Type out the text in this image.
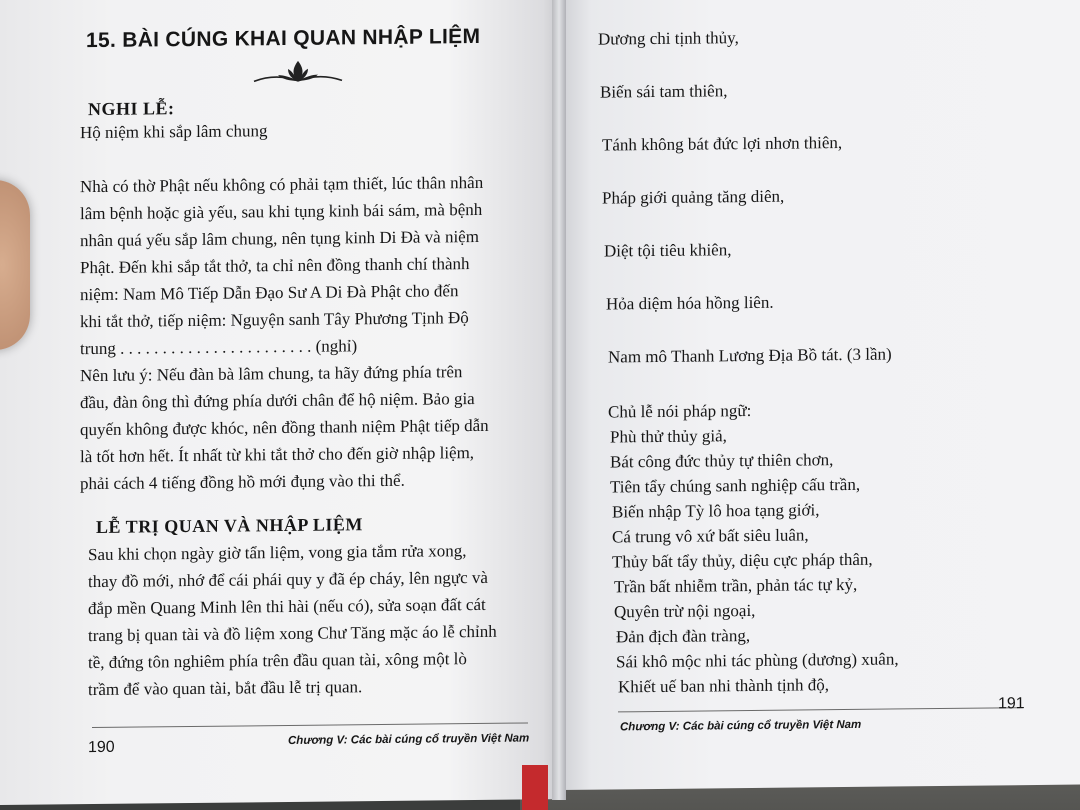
15. BÀI CÚNG KHAI QUAN NHẬP LIỆM
NGHI LỄ:
Hộ niệm khi sắp lâm chung
Nhà có thờ Phật nếu không có phải tạm thiết, lúc thân nhân
lâm bệnh hoặc già yếu, sau khi tụng kinh bái sám, mà bệnh
nhân quá yếu sắp lâm chung, nên tụng kinh Di Đà và niệm
Phật. Đến khi sắp tắt thở, ta chỉ nên đồng thanh chí thành
niệm: Nam Mô Tiếp Dẫn Đạo Sư A Di Đà Phật cho đến
khi tắt thở, tiếp niệm: Nguyện sanh Tây Phương Tịnh Độ
trung . . . . . . . . . . . . . . . . . . . . . . . (nghỉ)
Nên lưu ý: Nếu đàn bà lâm chung, ta hãy đứng phía trên
đầu, đàn ông thì đứng phía dưới chân để hộ niệm. Bảo gia
quyến không được khóc, nên đồng thanh niệm Phật tiếp dẫn
là tốt hơn hết. Ít nhất từ khi tắt thở cho đến giờ nhập liệm,
phải cách 4 tiếng đồng hồ mới đụng vào thi thể.
LỄ TRỊ QUAN VÀ NHẬP LIỆM
Sau khi chọn ngày giờ tẩn liệm, vong gia tắm rửa xong,
thay đồ mới, nhớ để cái phái quy y đã ép cháy, lên ngực và
đắp mền Quang Minh lên thi hài (nếu có), sửa soạn đất cát
trang bị quan tài và đồ liệm xong Chư Tăng mặc áo lễ chỉnh
tề, đứng tôn nghiêm phía trên đầu quan tài, xông một lò
trầm để vào quan tài, bắt đầu lễ trị quan.
190	Chương V: Các bài cúng cổ truyền Việt Nam
Dương chi tịnh thủy,
Biến sái tam thiên,
Tánh không bát đức lợi nhơn thiên,
Pháp giới quảng tăng diên,
Diệt tội tiêu khiên,
Hỏa diệm hóa hồng liên.
Nam mô Thanh Lương Địa Bồ tát. (3 lần)
Chủ lễ nói pháp ngữ:
Phù thử thủy giả,
Bát công đức thủy tự thiên chơn,
Tiên tẩy chúng sanh nghiệp cấu trần,
Biến nhập Tỳ lô hoa tạng giới,
Cá trung vô xứ bất siêu luân,
Thủy bất tẩy thủy, diệu cực pháp thân,
Trần bất nhiễm trần, phản tác tự kỷ,
Quyên trừ nội ngoại,
Đản địch đàn tràng,
Sái khô mộc nhi tác phùng (dương) xuân,
Khiết uế ban nhi thành tịnh độ,
Chương V: Các bài cúng cổ truyền Việt Nam
191
